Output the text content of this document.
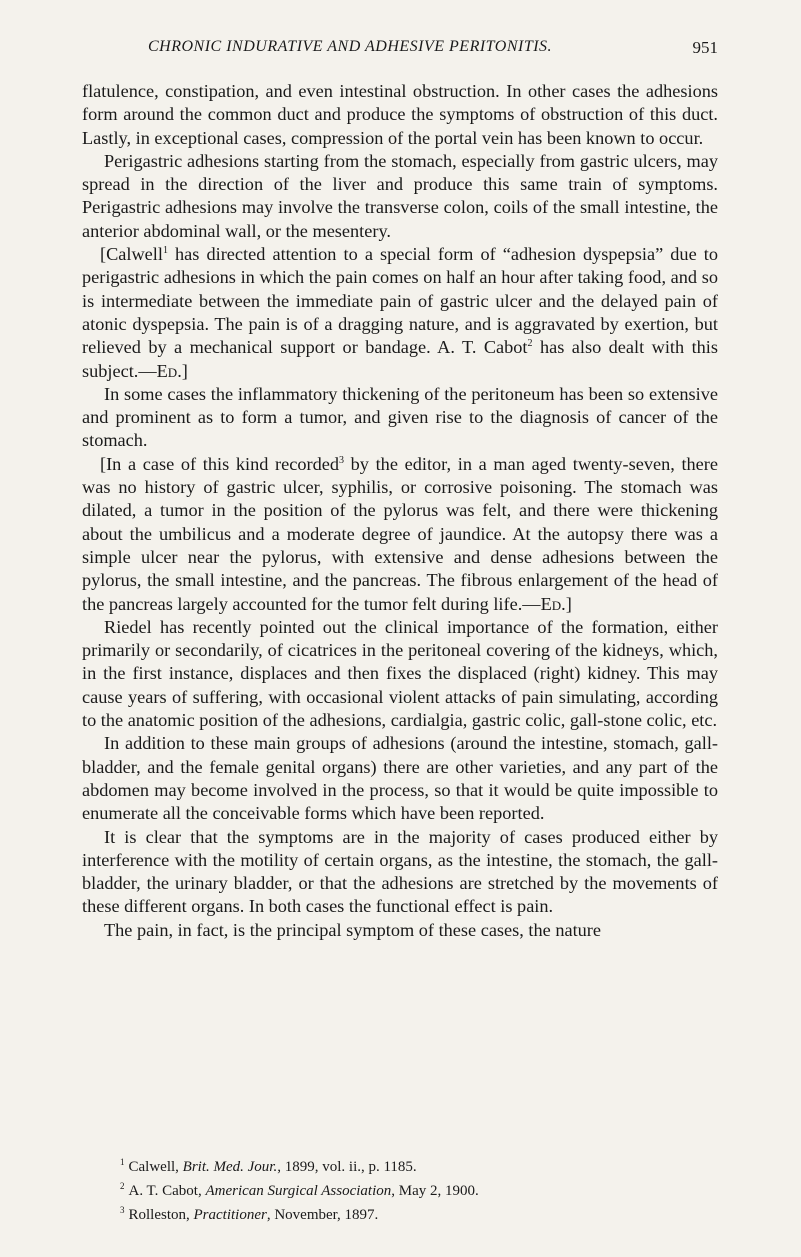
CHRONIC INDURATIVE AND ADHESIVE PERITONITIS.	951

flatulence, constipation, and even intestinal obstruction. In other cases the adhesions form around the common duct and produce the symptoms of obstruction of this duct. Lastly, in exceptional cases, compression of the portal vein has been known to occur.

Perigastric adhesions starting from the stomach, especially from gastric ulcers, may spread in the direction of the liver and produce this same train of symptoms. Perigastric adhesions may involve the transverse colon, coils of the small intestine, the anterior abdominal wall, or the mesentery.

[Calwell$^1$ has directed attention to a special form of “adhesion dyspepsia” due to perigastric adhesions in which the pain comes on half an hour after taking food, and so is intermediate between the immediate pain of gastric ulcer and the delayed pain of atonic dyspepsia. The pain is of a dragging nature, and is aggravated by exertion, but relieved by a mechanical support or bandage. A. T. Cabot$^2$ has also dealt with this subject.—Ed.]

In some cases the inflammatory thickening of the peritoneum has been so extensive and prominent as to form a tumor, and given rise to the diagnosis of cancer of the stomach.

[In a case of this kind recorded$^3$ by the editor, in a man aged twenty-seven, there was no history of gastric ulcer, syphilis, or corrosive poisoning. The stomach was dilated, a tumor in the position of the pylorus was felt, and there were thickening about the umbilicus and a moderate degree of jaundice. At the autopsy there was a simple ulcer near the pylorus, with extensive and dense adhesions between the pylorus, the small intestine, and the pancreas. The fibrous enlargement of the head of the pancreas largely accounted for the tumor felt during life.—Ed.]

Riedel has recently pointed out the clinical importance of the formation, either primarily or secondarily, of cicatrices in the peritoneal covering of the kidneys, which, in the first instance, displaces and then fixes the displaced (right) kidney. This may cause years of suffering, with occasional violent attacks of pain simulating, according to the anatomic position of the adhesions, cardialgia, gastric colic, gall-stone colic, etc.

In addition to these main groups of adhesions (around the intestine, stomach, gall-bladder, and the female genital organs) there are other varieties, and any part of the abdomen may become involved in the process, so that it would be quite impossible to enumerate all the conceivable forms which have been reported.

It is clear that the symptoms are in the majority of cases produced either by interference with the motility of certain organs, as the intestine, the stomach, the gall-bladder, the urinary bladder, or that the adhesions are stretched by the movements of these different organs. In both cases the functional effect is pain.

The pain, in fact, is the principal symptom of these cases, the nature

$^1$ Calwell, Brit. Med. Jour., 1899, vol. ii., p. 1185.
$^2$ A. T. Cabot, American Surgical Association, May 2, 1900.
$^3$ Rolleston, Practitioner, November, 1897.
